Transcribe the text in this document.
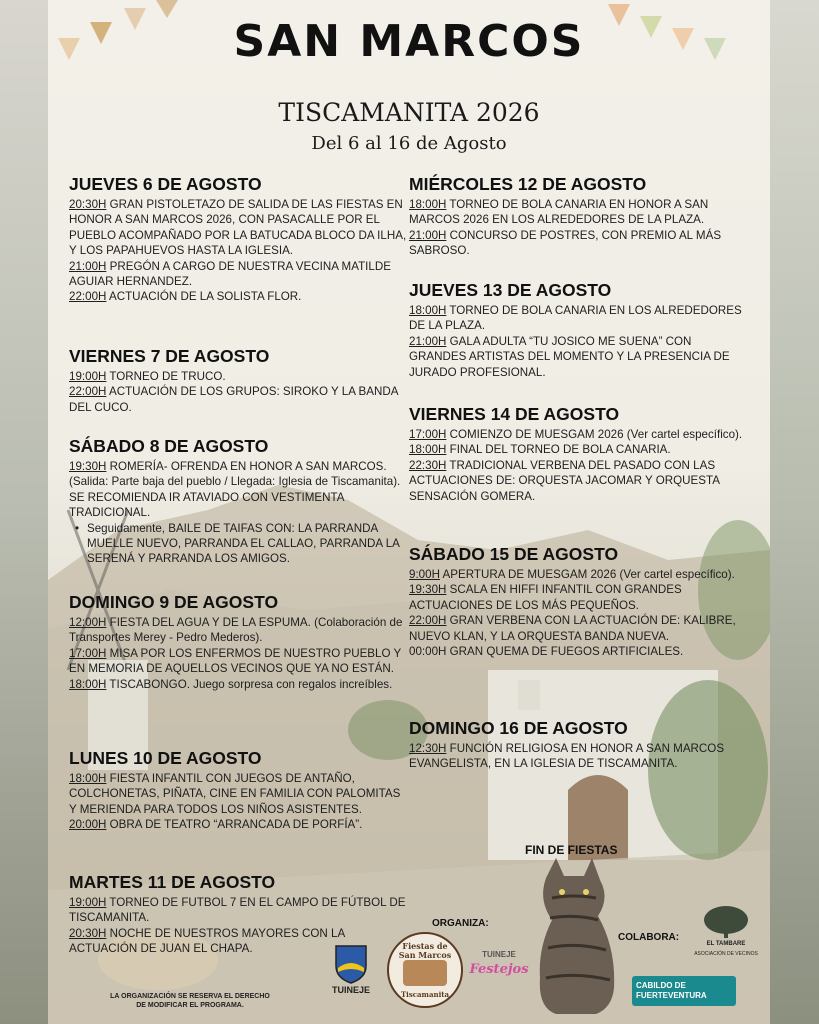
SAN MARCOS
TISCAMANITA 2026
Del 6 al 16 de Agosto
JUEVES 6 DE AGOSTO

20:30H GRAN PISTOLETAZO DE SALIDA DE LAS FIESTAS EN HONOR A SAN MARCOS 2026, CON PASACALLE POR EL PUEBLO ACOMPAÑADO POR LA BATUCADA BLOCO DA ILHA, Y LOS PAPAHUEVOS HASTA LA IGLESIA.

21:00H PREGÓN A CARGO DE NUESTRA VECINA MATILDE AGUIAR HERNANDEZ.

22:00H ACTUACIÓN DE LA SOLISTA FLOR.

VIERNES 7 DE AGOSTO

19:00H TORNEO DE TRUCO.

22:00H ACTUACIÓN DE LOS GRUPOS: SIROKO Y LA BANDA DEL CUCO.

SÁBADO 8 DE AGOSTO

19:30H ROMERÍA- OFRENDA EN HONOR A SAN MARCOS. (Salida: Parte baja del pueblo / Llegada: Iglesia de Tiscamanita). SE RECOMIENDA IR ATAVIADO CON VESTIMENTA TRADICIONAL.

• Seguidamente, BAILE DE TAIFAS CON: LA PARRANDA MUELLE NUEVO, PARRANDA EL CALLAO, PARRANDA LA SERENÁ Y PARRANDA LOS AMIGOS.

DOMINGO 9 DE AGOSTO

12:00H FIESTA DEL AGUA Y DE LA ESPUMA. (Colaboración de Transportes Merey - Pedro Mederos).

17:00H MISA POR LOS ENFERMOS DE NUESTRO PUEBLO Y EN MEMORIA DE AQUELLOS VECINOS QUE YA NO ESTÁN.

18:00H TISCABONGO. Juego sorpresa con regalos increíbles.

LUNES 10 DE AGOSTO

18:00H FIESTA INFANTIL CON JUEGOS DE ANTAÑO, COLCHONETAS, PIÑATA, CINE EN FAMILIA CON PALOMITAS Y MERIENDA PARA TODOS LOS NIÑOS ASISTENTES.

20:00H OBRA DE TEATRO “ARRANCADA DE PORFÍA”.

MARTES 11 DE AGOSTO

19:00H TORNEO DE FUTBOL 7 EN EL CAMPO DE FÚTBOL DE TISCAMANITA.

20:30H NOCHE DE NUESTROS MAYORES CON LA ACTUACIÓN DE JUAN EL CHAPA.

MIÉRCOLES 12 DE AGOSTO

18:00H TORNEO DE BOLA CANARIA EN HONOR A SAN MARCOS 2026 EN LOS ALREDEDORES DE LA PLAZA.

21:00H CONCURSO DE POSTRES, CON PREMIO AL MÁS SABROSO.

JUEVES 13 DE AGOSTO

18:00H TORNEO DE BOLA CANARIA EN LOS ALREDEDORES DE LA PLAZA.

21:00H GALA ADULTA “TU JOSICO ME SUENA” CON GRANDES ARTISTAS DEL MOMENTO Y LA PRESENCIA DE JURADO PROFESIONAL.

VIERNES 14 DE AGOSTO

17:00H COMIENZO DE MUESGAM 2026 (Ver cartel específico).

18:00H FINAL DEL TORNEO DE BOLA CANARIA.

22:30H TRADICIONAL VERBENA DEL PASADO CON LAS ACTUACIONES DE: ORQUESTA JACOMAR Y ORQUESTA SENSACIÓN GOMERA.

SÁBADO 15 DE AGOSTO

9:00H APERTURA DE MUESGAM 2026 (Ver cartel específico).

19:30H SCALA EN HIFFI INFANTIL CON GRANDES ACTUACIONES DE LOS MÁS PEQUEÑOS.

22:00H GRAN VERBENA CON LA ACTUACIÓN DE: KALIBRE, NUEVO KLAN, Y LA ORQUESTA BANDA NUEVA.

00:00H GRAN QUEMA DE FUEGOS ARTIFICIALES.

DOMINGO 16 DE AGOSTO

12:30H FUNCIÓN RELIGIOSA EN HONOR A SAN MARCOS EVANGELISTA, EN LA IGLESIA DE TISCAMANITA.

FIN DE FIESTAS
ORGANIZA:
COLABORA:
LA ORGANIZACIÓN SE RESERVA EL DERECHO DE MODIFICAR EL PROGRAMA.
TUINEJE
Fiestas de San Marcos
Tiscamanita
TUINEJE
Festejos
EL TAMBARE
ASOCIACIÓN DE VECINOS
CABILDO DE
FUERTEVENTURA
